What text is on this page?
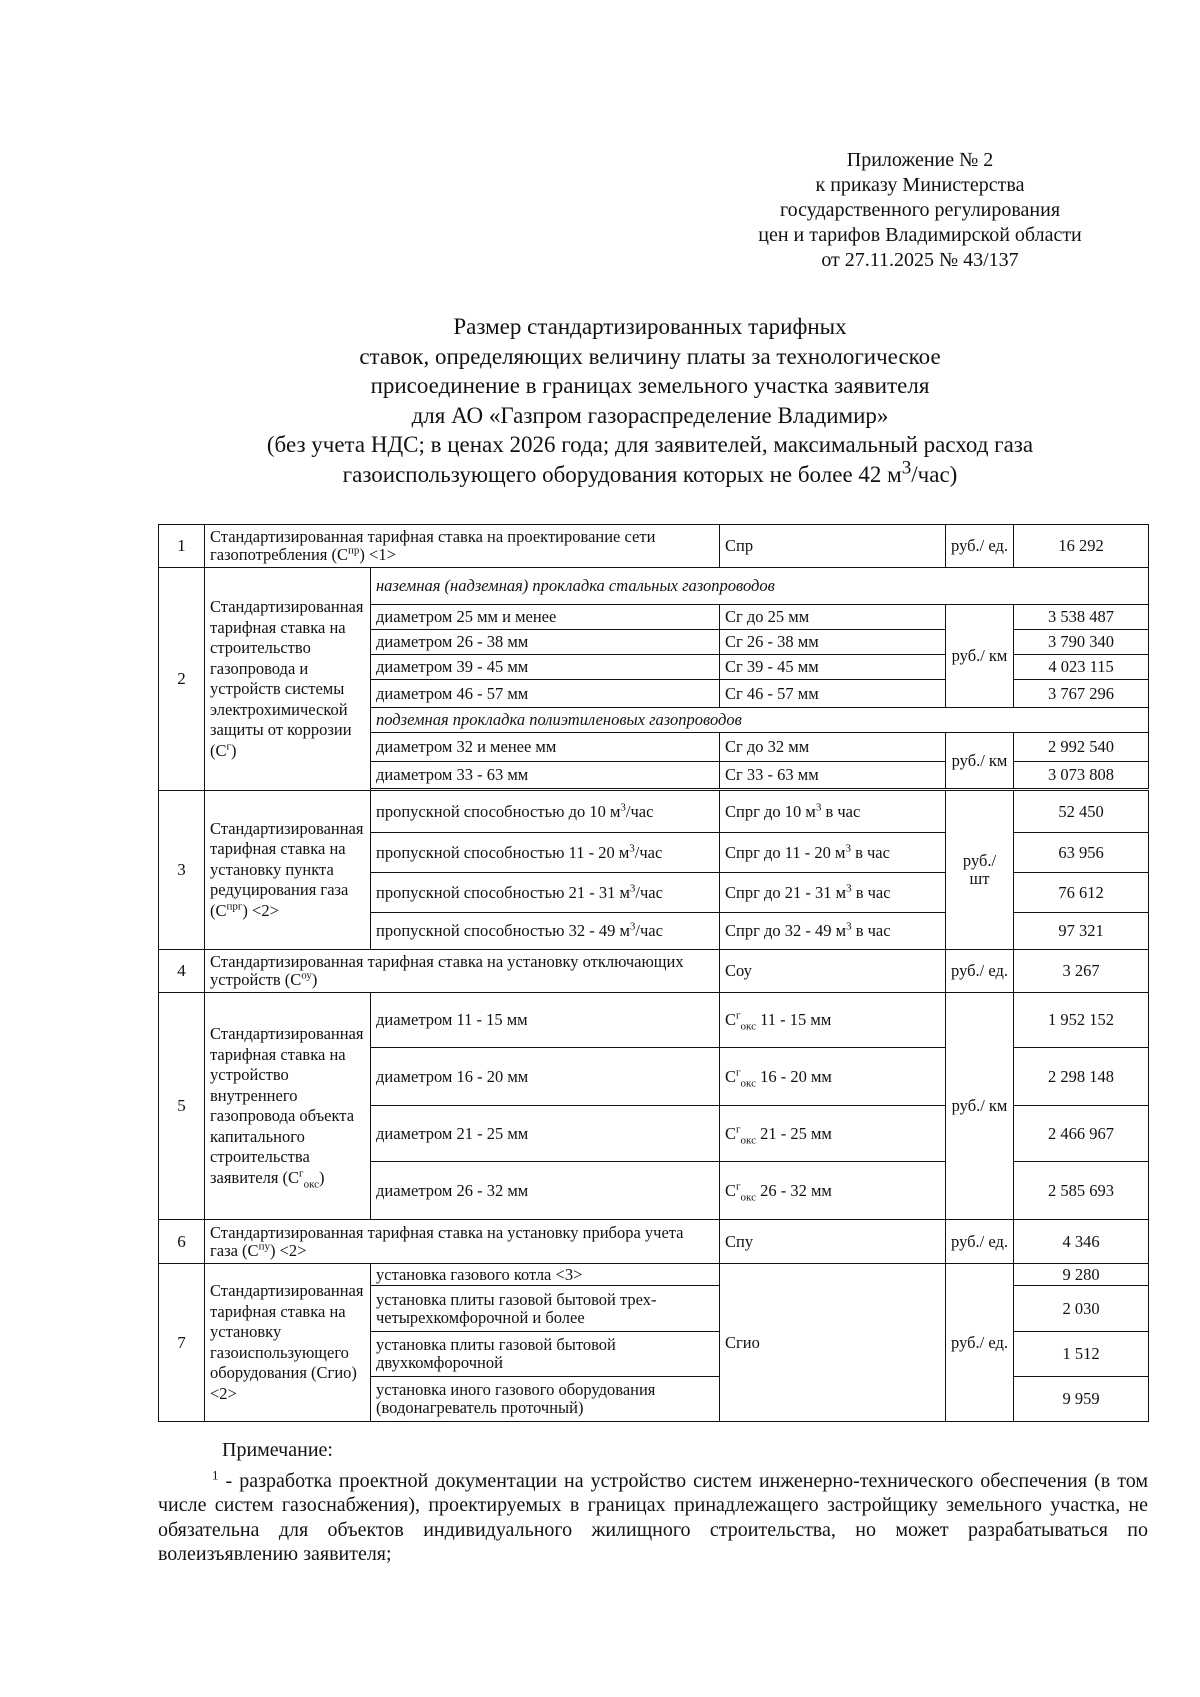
Приложение № 2
к приказу Министерства
государственного регулирования
цен и тарифов Владимирской области
от 27.11.2025 № 43/137
Размер стандартизированных тарифных
ставок, определяющих величину платы за технологическое
присоединение в границах земельного участка заявителя
для АО «Газпром газораспределение Владимир»
(без учета НДС; в ценах 2026 года; для заявителей, максимальный расход газа
газоиспользующего оборудования которых не более 42 $м^3/час$)
1	Стандартизированная тарифная ставка на проектирование сети газопотребления $(С^{пр}) <1>$		Спр	руб./ ед.	16 292
2	Стандартизированная тарифная ставка на строительство газопровода и устройств системы электрохимической защиты от коррозии $(С^г)$	наземная (надземная) прокладка стальных газопроводов			
		диаметром 25 мм и менее	Сг до 25 мм	руб./ км	3 538 487
		диаметром 26 - 38 мм	Сг 26 - 38 мм		3 790 340
		диаметром 39 - 45 мм	Сг 39 - 45 мм		4 023 115
		диаметром 46 - 57 мм	Сг 46 - 57 мм		3 767 296
		подземная прокладка полиэтиленовых газопроводов			
		диаметром 32 и менее мм	Сг до 32 мм	руб./ км	2 992 540
		диаметром 33 - 63 мм	Сг 33 - 63 мм		3 073 808

3	Стандартизированная тарифная ставка на установку пункта редуцирования газа $(С^{прг}) <2>$	пропускной способностью до 10 $м^3$/час	Спрг до 10 $м^3$ в час	руб./ шт	52 450
		пропускной способностью 11 - 20 $м^3$/час	Спрг до 11 - 20 $м^3$ в час		63 956
		пропускной способностью 21 - 31 $м^3$/час	Спрг до 21 - 31 $м^3$ в час		76 612
		пропускной способностью 32 - 49 $м^3$/час	Спрг до 32 - 49 $м^3$ в час		97 321
4	Стандартизированная тарифная ставка на установку отключающих устройств $(С^{оу})$		Соу	руб./ ед.	3 267
5	Стандартизированная тарифная ставка на устройство внутреннего газопровода объекта капитального строительства заявителя $(С^г_{окс})$	диаметром 11 - 15 мм	$С^г_{окс}$ 11 - 15 мм	руб./ км	1 952 152
		диаметром 16 - 20 мм	$С^г_{окс}$ 16 - 20 мм		2 298 148
		диаметром 21 - 25 мм	$С^г_{окс}$ 21 - 25 мм		2 466 967
		диаметром 26 - 32 мм	$С^г_{окс}$ 26 - 32 мм		2 585 693
6	Стандартизированная тарифная ставка на установку прибора учета газа $(С^{пу}) <2>$		Спу	руб./ ед.	4 346
7	Стандартизированная тарифная ставка на установку газоиспользующего оборудования (Сгио) <2>	установка газового котла <3>	Сгио	руб./ ед.	9 280
		установка плиты газовой бытовой трех-четырехкомфорочной и более			2 030
		установка плиты газовой бытовой двухкомфорочной			1 512
		установка иного газового оборудования (водонагреватель проточный)			9 959
Примечание:
$^1$ - разработка проектной документации на устройство систем инженерно-технического обеспечения (в том числе систем газоснабжения), проектируемых в границах принадлежащего застройщику земельного участка, не обязательна для объектов индивидуального жилищного строительства, но может разрабатываться по волеизъявлению заявителя;
